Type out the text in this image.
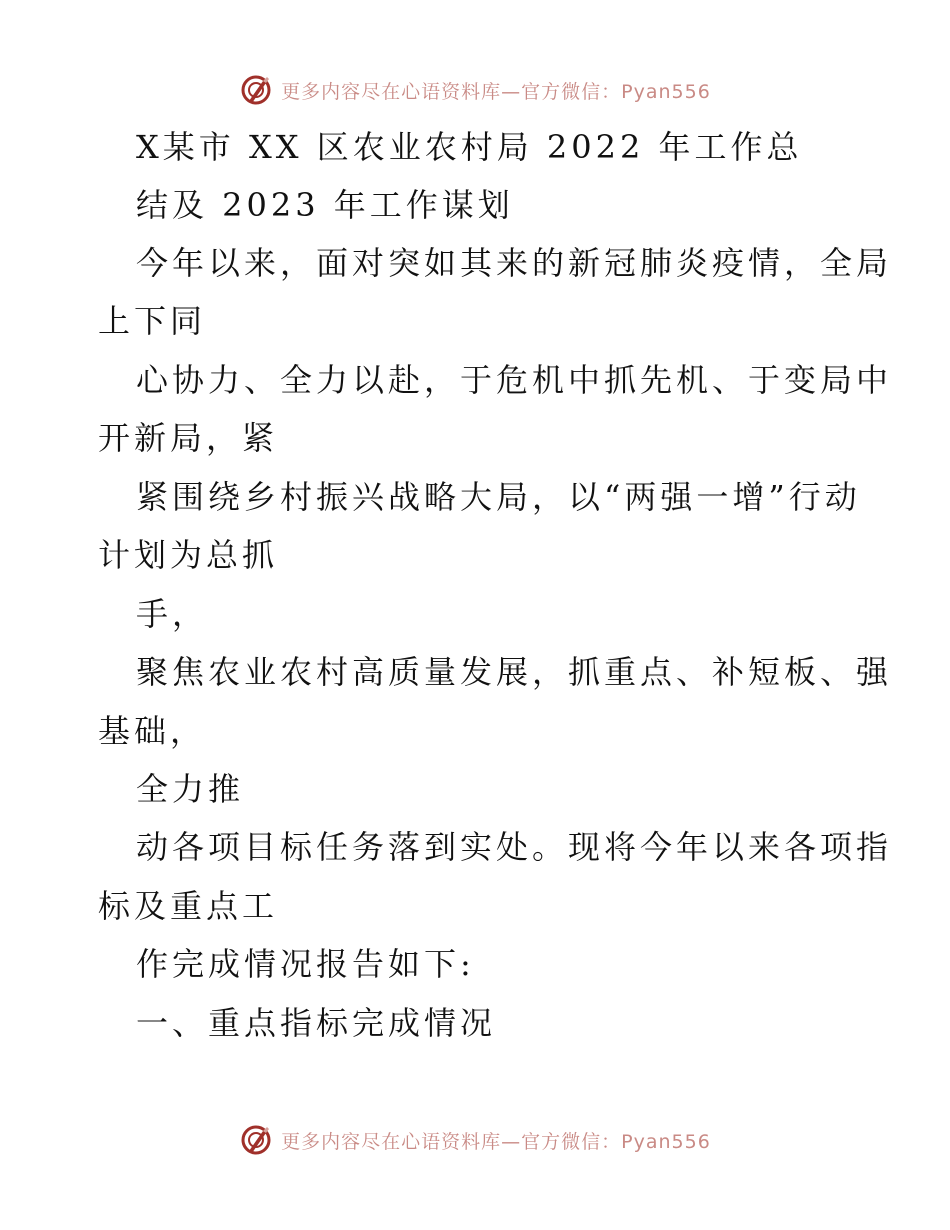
更多内容尽在心语资料库—官方微信：Pyan556
X某市 XX 区农业农村局 2022 年工作总
结及 2023 年工作谋划
今年以来，面对突如其来的新冠肺炎疫情，全局
上下同
心协力、全力以赴，于危机中抓先机、于变局中
开新局，紧
紧围绕乡村振兴战略大局，以“两强一增”行动
计划为总抓
手，
聚焦农业农村高质量发展，抓重点、补短板、强
基础，
全力推
动各项目标任务落到实处。现将今年以来各项指
标及重点工
作完成情况报告如下:
一、重点指标完成情况
更多内容尽在心语资料库—官方微信：Pyan556
